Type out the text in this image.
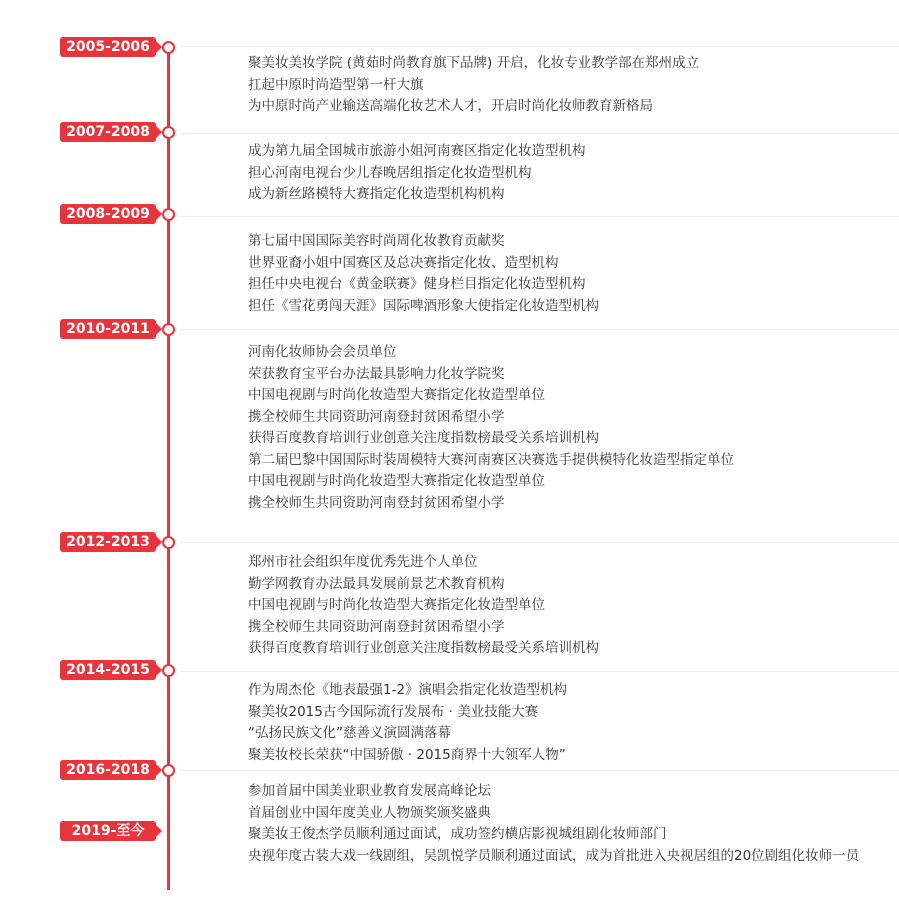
2005-2006
聚美妆美妆学院 (黄茹时尚教育旗下品牌) 开启，化妆专业教学部在郑州成立
扛起中原时尚造型第一杆大旗
为中原时尚产业输送高端化妆艺术人才，开启时尚化妆师教育新格局
2007-2008
成为第九届全国城市旅游小姐河南赛区指定化妆造型机构
担心河南电视台少儿春晚居组指定化妆造型机构
成为新丝路模特大赛指定化妆造型机构机构
2008-2009
第七届中国国际美容时尚周化妆教育贡献奖
世界亚裔小姐中国赛区及总决赛指定化妆、造型机构
担任中央电视台《黄金联赛》健身栏目指定化妆造型机构
担任《雪花勇闯天涯》国际啤酒形象大使指定化妆造型机构
2010-2011
河南化妆师协会会员单位
荣获教育宝平台办法最具影响力化妆学院奖
中国电视剧与时尚化妆造型大赛指定化妆造型单位
携全校师生共同资助河南登封贫困希望小学
获得百度教育培训行业创意关注度指数榜最受关系培训机构
第二届巴黎中国国际时装周模特大赛河南赛区决赛选手提供模特化妆造型指定单位
中国电视剧与时尚化妆造型大赛指定化妆造型单位
携全校师生共同资助河南登封贫困希望小学
2012-2013
郑州市社会组织年度优秀先进个人单位
勤学网教育办法最具发展前景艺术教育机构
中国电视剧与时尚化妆造型大赛指定化妆造型单位
携全校师生共同资助河南登封贫困希望小学
获得百度教育培训行业创意关注度指数榜最受关系培训机构
2014-2015
作为周杰伦《地表最强1-2》演唱会指定化妆造型机构
聚美妆2015古今国际流行发展布 · 美业技能大赛
“弘扬民族文化”慈善义演圆满落幕
聚美妆校长荣获“中国骄傲 · 2015商界十大领军人物”
2016-2018
参加首届中国美业职业教育发展高峰论坛
首届创业中国年度美业人物颁奖颁奖盛典
2019-至今	聚美妆王俊杰学员顺利通过面试，成功签约横店影视城组剧化妆师部门
央视年度古装大戏一线剧组，吴凯悦学员顺利通过面试，成为首批进入央视居组的20位剧组化妆师一员
